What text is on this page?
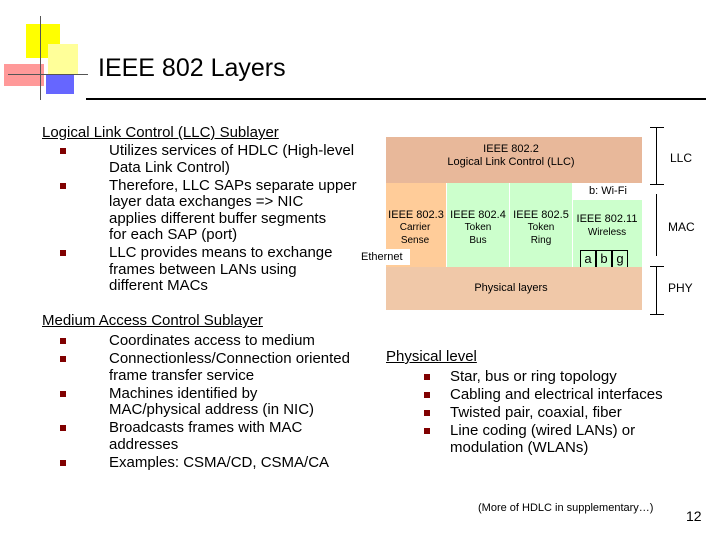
IEEE 802 Layers
Logical Link Control (LLC) Sublayer
Utilizes services of HDLC (High-level
Data Link Control)
Therefore, LLC SAPs separate upper
layer data exchanges => NIC
applies different buffer segments
for each SAP (port)
LLC provides means to exchange
frames between LANs using
different MACs
Medium Access Control Sublayer
Coordinates access to medium
Connectionless/Connection oriented
frame transfer service
Machines identified by
MAC/physical address (in NIC)
Broadcasts frames with MAC
addresses
Examples: CSMA/CD, CSMA/CA
Physical level
Star, bus or ring topology
Cabling and electrical interfaces
Twisted pair, coaxial, fiber
Line coding (wired LANs) or
modulation (WLANs)
IEEE 802.2
Logical Link Control (LLC)
IEEE 802.3
Carrier
Sense
IEEE 802.4
Token
Bus
IEEE 802.5
Token
Ring
IEEE 802.11
Wireless
b: Wi-Fi
Ethernet	a b g
Physical layers
LLC
MAC
PHY
(More of HDLC in supplementary…) 12
